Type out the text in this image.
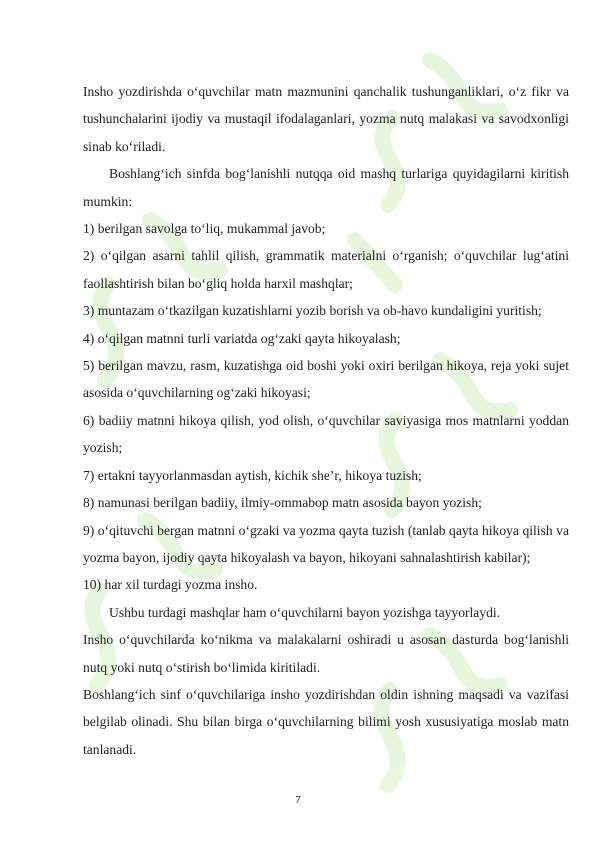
Insho yozdirishda o‘quvchilar matn mazmunini qanchalik tushunganliklari, o‘z fikr va tushunchalarini ijodiy va mustaqil ifodalaganlari, yozma nutq malakasi va savodxonligi sinab ko‘riladi.

Boshlang‘ich sinfda bog‘lanishli nutqqa oid mashq turlariga quyidagilarni kiritish mumkin:

1) berilgan savolga to‘liq, mukammal javob;

2) o‘qilgan asarni tahlil qilish, grammatik materialni o‘rganish; o‘quvchilar lug‘atini faollashtirish bilan bo‘gliq holda harxil mashqlar;

3) muntazam o‘tkazilgan kuzatishlarni yozib borish va ob-havo kundaligini yuritish;

4) o‘qilgan matnni turli variatda og‘zaki qayta hikoyalash;

5) berilgan mavzu, rasm, kuzatishga oid boshi yoki oxiri berilgan hikoya, reja yoki sujet asosida o‘quvchilarning og‘zaki hikoyasi;

6) badiiy matnni hikoya qilish, yod olish, o‘quvchilar saviyasiga mos matnlarni yoddan yozish;

7) ertakni tayyorlanmasdan aytish, kichik she’r, hikoya tuzish;

8) namunasi berilgan badiiy, ilmiy-ommabop matn asosida bayon yozish;

9) o‘qituvchi bergan matnni o‘gzaki va yozma qayta tuzish (tanlab qayta hikoya qilish va yozma bayon, ijodiy qayta hikoyalash va bayon, hikoyani sahnalashtirish kabilar);

10) har xil turdagi yozma insho.

Ushbu turdagi mashqlar ham o‘quvchilarni bayon yozishga tayyorlaydi.

Insho o‘quvchilarda ko‘nikma va malakalarni oshiradi u asosan dasturda bog‘lanishli nutq yoki nutq o‘stirish bo‘limida kiritiladi.

Boshlang‘ich sinf o‘quvchilariga insho yozdirishdan oldin ishning maqsadi va vazifasi belgilab olinadi. Shu bilan birga o‘quvchilarning bilimi yosh xususiyatiga moslab matn tanlanadi.

7
